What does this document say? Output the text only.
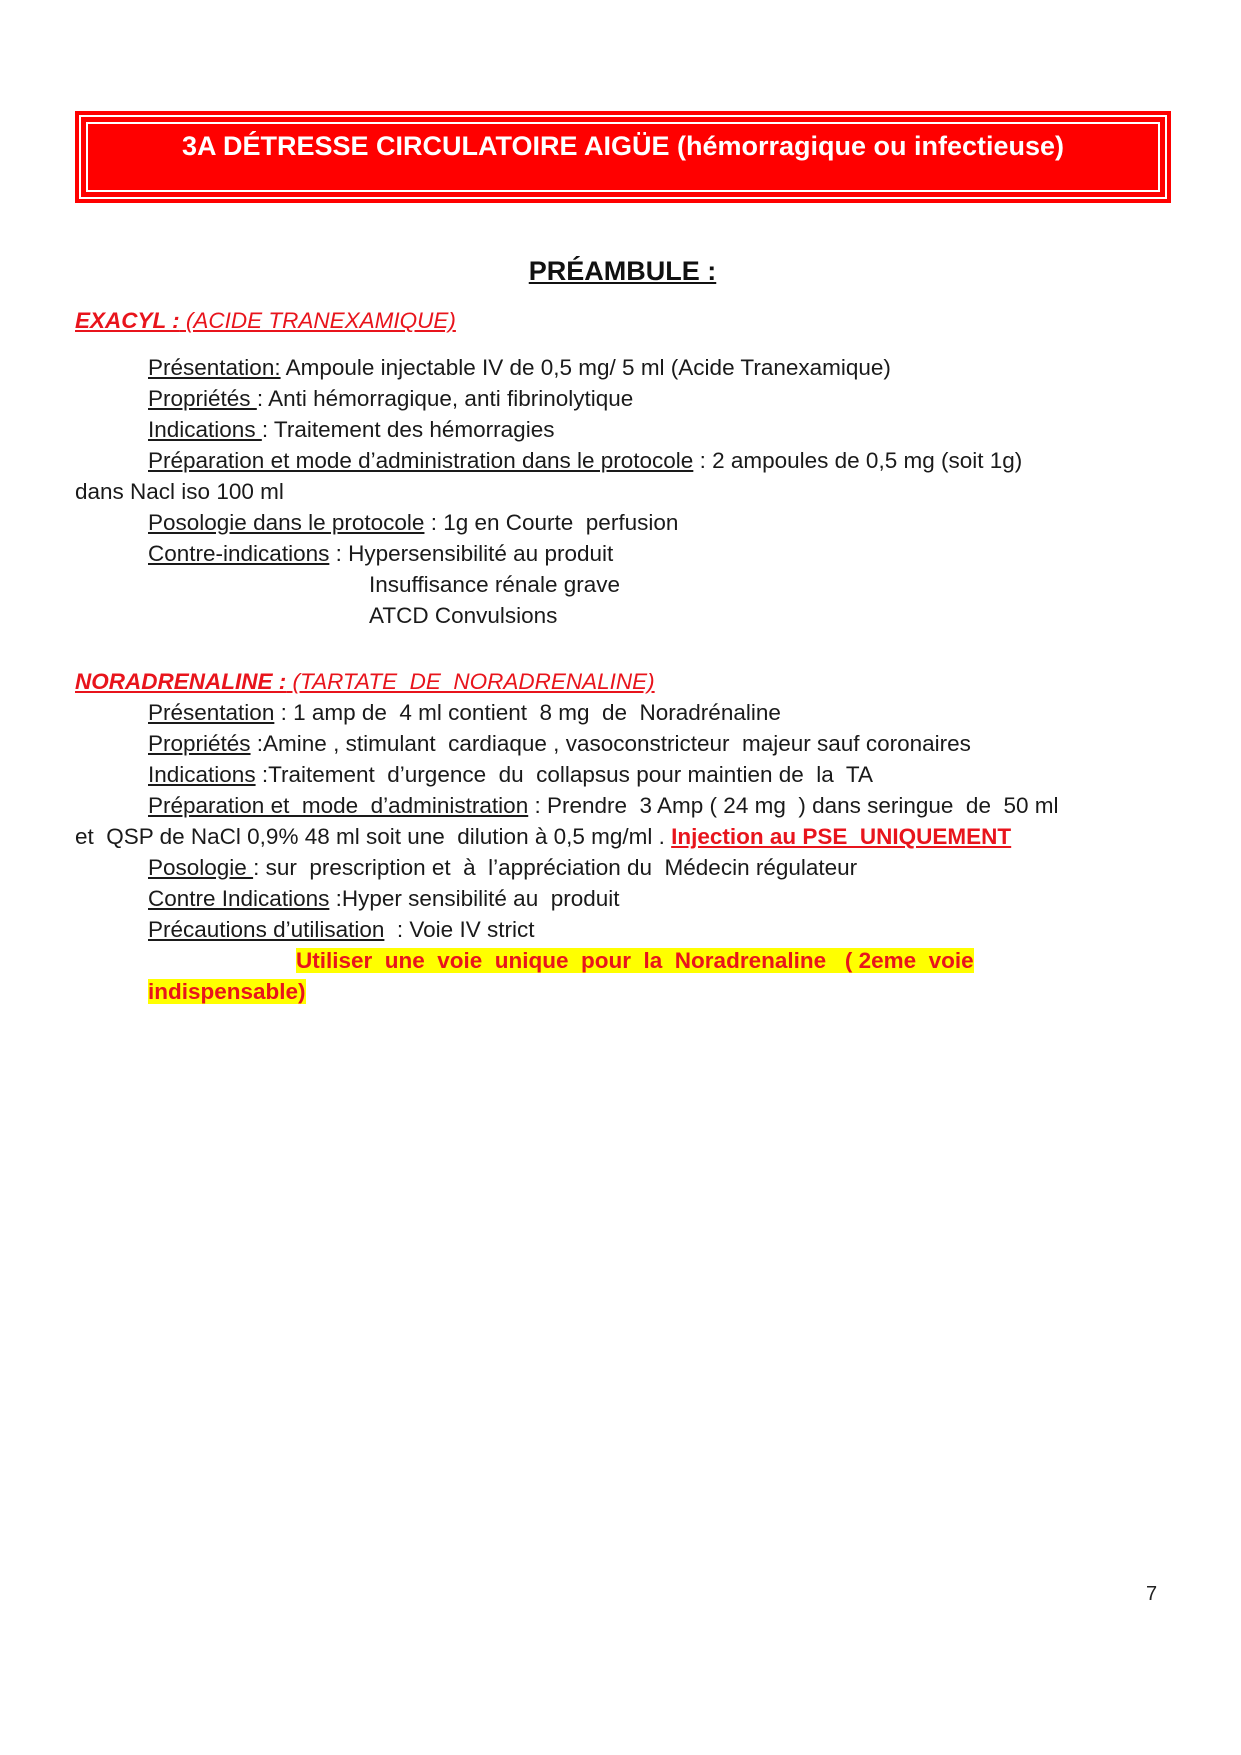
3A DÉTRESSE CIRCULATOIRE AIGÜE (hémorragique ou infectieuse)
PRÉAMBULE :
EXACYL : (ACIDE TRANEXAMIQUE)
Présentation: Ampoule injectable IV de 0,5 mg/ 5 ml (Acide Tranexamique)
Propriétés : Anti hémorragique, anti fibrinolytique
Indications : Traitement des hémorragies
Préparation et mode d’administration dans le protocole : 2 ampoules de 0,5 mg (soit 1g)
dans Nacl iso 100 ml
Posologie dans le protocole : 1g en Courte  perfusion
Contre-indications : Hypersensibilité au produit
Insuffisance rénale grave
ATCD Convulsions
NORADRENALINE : (TARTATE  DE  NORADRENALINE)
Présentation : 1 amp de  4 ml contient  8 mg  de  Noradrénaline
Propriétés :Amine , stimulant  cardiaque , vasoconstricteur  majeur sauf coronaires
Indications :Traitement  d’urgence  du  collapsus pour maintien de  la  TA
Préparation et  mode  d’administration : Prendre  3 Amp ( 24 mg  ) dans seringue  de  50 ml
et  QSP de NaCl 0,9% 48 ml soit une  dilution à 0,5 mg/ml . Injection au PSE  UNIQUEMENT
Posologie : sur  prescription et  à  l’appréciation du  Médecin régulateur
Contre Indications :Hyper sensibilité au  produit
Précautions d’utilisation  : Voie IV strict
Utiliser  une  voie  unique  pour  la  Noradrenaline   ( 2eme  voie
indispensable)
7
